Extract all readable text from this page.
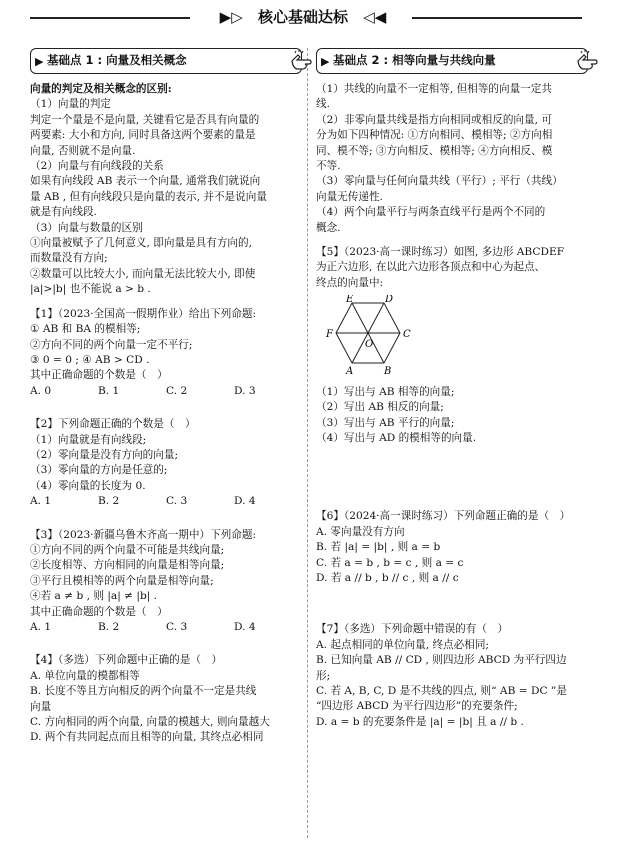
▶▷ 核心基础达标 ◁◀
▶ 基础点 1 : 向量及相关概念
向量的判定及相关概念的区别:
（1）向量的判定
判定一个量是不是向量, 关键看它是否具有向量的
两要素: 大小和方向, 同时具备这两个要素的量是
向量, 否则就不是向量.
（2）向量与有向线段的关系
如果有向线段 AB 表示一个向量, 通常我们就说向
量 AB , 但有向线段只是向量的表示, 并不是说向量
就是有向线段.
（3）向量与数量的区别
①向量被赋予了几何意义, 即向量是具有方向的,
而数量没有方向;
②数量可以比较大小, 而向量无法比较大小, 即使
|a|>|b| 也不能说 a > b .
【1】（2023·全国高一假期作业）给出下列命题:
① AB 和 BA 的模相等;
②方向不同的两个向量一定不平行;
③ 0 = 0 ; ④ AB > CD .
其中正确命题的个数是（　）
A. 0	B. 1	C. 2	D. 3
【2】下列命题正确的个数是（　）
（1）向量就是有向线段;
（2）零向量是没有方向的向量;
（3）零向量的方向是任意的;
（4）零向量的长度为 0.
A. 1	B. 2	C. 3	D. 4
【3】（2023·新疆乌鲁木齐高一期中）下列命题:
①方向不同的两个向量不可能是共线向量;
②长度相等、方向相同的向量是相等向量;
③平行且模相等的两个向量是相等向量;
④若 a ≠ b , 则 |a| ≠ |b| .
其中正确命题的个数是（　）
A. 1	B. 2	C. 3	D. 4
【4】（多选）下列命题中正确的是（　）
A. 单位向量的模都相等
B. 长度不等且方向相反的两个向量不一定是共线
向量
C. 方向相同的两个向量, 向量的模越大, 则向量越大
D. 两个有共同起点而且相等的向量, 其终点必相同
▶ 基础点 2 : 相等向量与共线向量
（1）共线的向量不一定相等, 但相等的向量一定共
线.
（2）非零向量共线是指方向相同或相反的向量, 可
分为如下四种情况: ①方向相同、模相等; ②方向相
同、模不等; ③方向相反、模相等; ④方向相反、模
不等.
（3）零向量与任何向量共线（平行）; 平行（共线）
向量无传递性.
（4）两个向量平行与两条直线平行是两个不同的
概念.
【5】（2023·高一课时练习）如图, 多边形 ABCDEF
为正六边形, 在以此六边形各顶点和中心为起点、
终点的向量中:
E	D
F	C
A	B
O
（1）写出与 AB 相等的向量;
（2）写出 AB 相反的向量;
（3）写出与 AB 平行的向量;
（4）写出与 AD 的模相等的向量.
【6】（2024·高一课时练习）下列命题正确的是（　）
A. 零向量没有方向
B. 若 |a| = |b| , 则 a = b
C. 若 a = b , b = c , 则 a = c
D. 若 a // b , b // c , 则 a // c
【7】（多选）下列命题中错误的有（　）
A. 起点相同的单位向量, 终点必相同;
B. 已知向量 AB // CD , 则四边形 ABCD 为平行四边
形;
C. 若 A, B, C, D 是不共线的四点, 则“ AB = DC ”是
“四边形 ABCD 为平行四边形”的充要条件;
D. a = b 的充要条件是 |a| = |b| 且 a // b .
